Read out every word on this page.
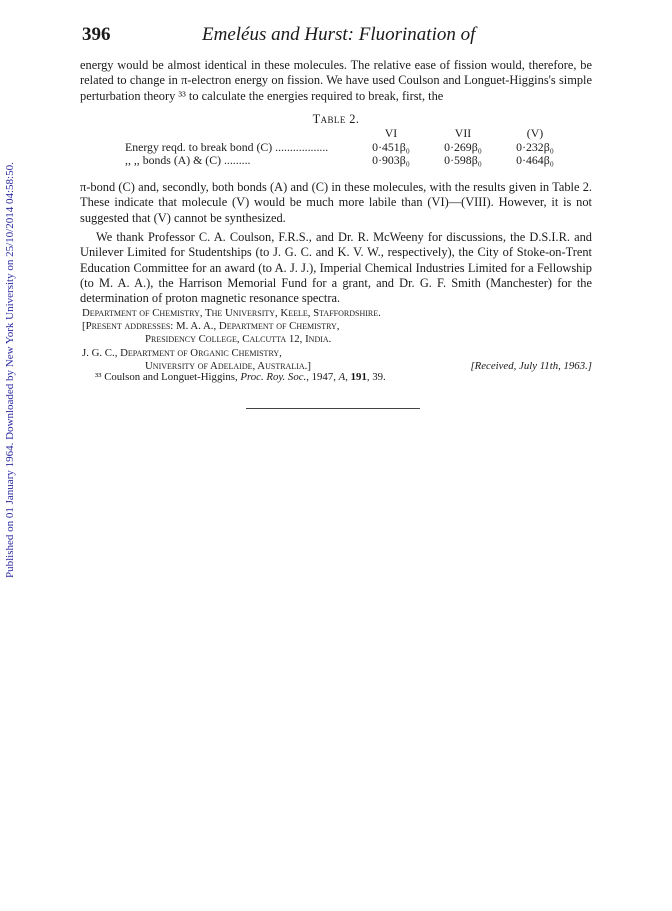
Published on 01 January 1964. Downloaded by New York University on 25/10/2014 04:58:50.
396	Emeléus and Hurst: Fluorination of
energy would be almost identical in these molecules. The relative ease of fission would, therefore, be related to change in π-electron energy on fission. We have used Coulson and Longuet-Higgins's simple perturbation theory ³³ to calculate the energies required to break, first, the
Table 2.
	VI	VII	(V)
Energy reqd. to break bond (C) ..................	0·451β₀	0·269β₀	0·232β₀
,, ,, bonds (A) & (C) .........	0·903β₀	0·598β₀	0·464β₀
π-bond (C) and, secondly, both bonds (A) and (C) in these molecules, with the results given in Table 2. These indicate that molecule (V) would be much more labile than (VI)—(VIII). However, it is not suggested that (V) cannot be synthesized.
We thank Professor C. A. Coulson, F.R.S., and Dr. R. McWeeny for discussions, the D.S.I.R. and Unilever Limited for Studentships (to J. G. C. and K. V. W., respectively), the City of Stoke-on-Trent Education Committee for an award (to A. J. J.), Imperial Chemical Industries Limited for a Fellowship (to M. A. A.), the Harrison Memorial Fund for a grant, and Dr. G. F. Smith (Manchester) for the determination of proton magnetic resonance spectra.
Department of Chemistry, The University, Keele, Staffordshire.
[Present addresses: M. A. A., Department of Chemistry,
Presidency College, Calcutta 12, India.
J. G. C., Department of Organic Chemistry,
[Received, July 11th, 1963.]
University of Adelaide, Australia.]
³³ Coulson and Longuet-Higgins, Proc. Roy. Soc., 1947, A, 191, 39.
